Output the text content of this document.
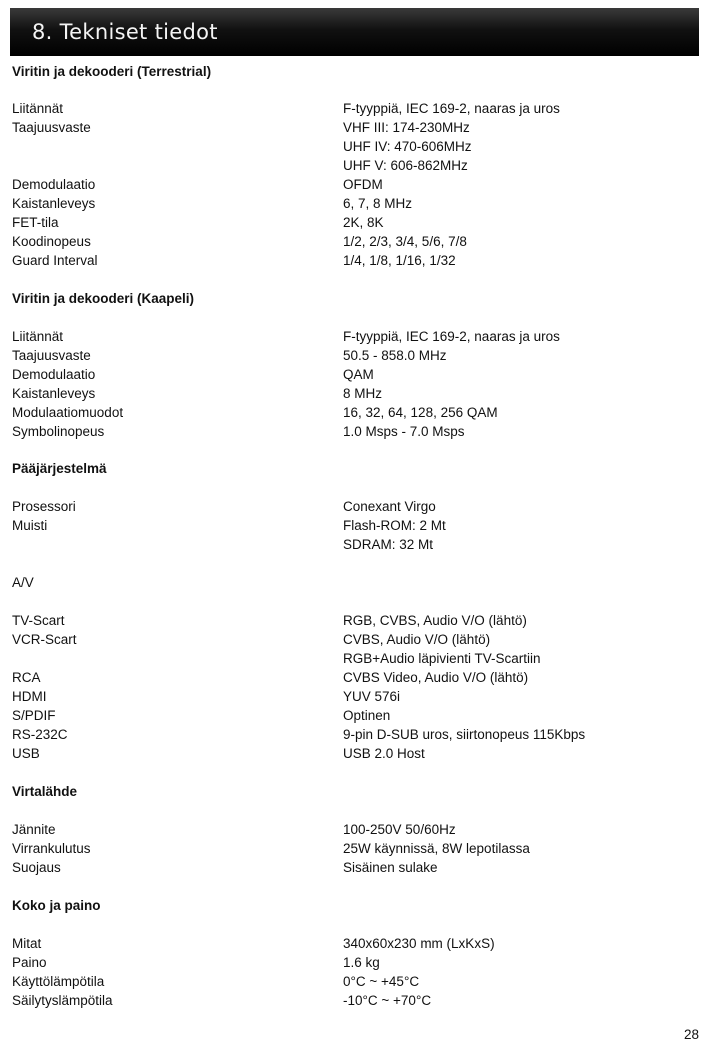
8. Tekniset tiedot
Viritin ja dekooderi (Terrestrial)
Liitännät
Taajuusvaste
Demodulaatio
Kaistanleveys
FET-tila
Koodinopeus
Guard Interval
F-tyyppiä, IEC 169-2, naaras ja uros
VHF III: 174-230MHz
UHF IV: 470-606MHz
UHF V: 606-862MHz
OFDM
6, 7, 8 MHz
2K, 8K
1/2, 2/3, 3/4, 5/6, 7/8
1/4, 1/8, 1/16, 1/32
Viritin ja dekooderi (Kaapeli)
Liitännät
Taajuusvaste
Demodulaatio
Kaistanleveys
Modulaatiomuodot
Symbolinopeus
F-tyyppiä, IEC 169-2, naaras ja uros
50.5 - 858.0 MHz
QAM
8 MHz
16, 32, 64, 128, 256 QAM
1.0 Msps - 7.0 Msps
Pääjärjestelmä
Prosessori
Muisti
Conexant Virgo
Flash-ROM: 2 Mt
SDRAM: 32 Mt
A/V
TV-Scart
VCR-Scart
RCA
HDMI
S/PDIF
RS-232C
USB
RGB, CVBS, Audio V/O (lähtö)
CVBS, Audio V/O (lähtö)
RGB+Audio läpivienti TV-Scartiin
CVBS Video, Audio V/O (lähtö)
YUV 576i
Optinen
9-pin D-SUB uros, siirtonopeus 115Kbps
USB 2.0 Host
Virtalähde
Jännite
Virrankulutus
Suojaus
100-250V 50/60Hz
25W käynnissä, 8W lepotilassa
Sisäinen sulake
Koko ja paino
Mitat
Paino
Käyttölämpötila
Säilytyslämpötila
340x60x230 mm (LxKxS)
1.6 kg
0°C ~ +45°C
-10°C ~ +70°C
28
